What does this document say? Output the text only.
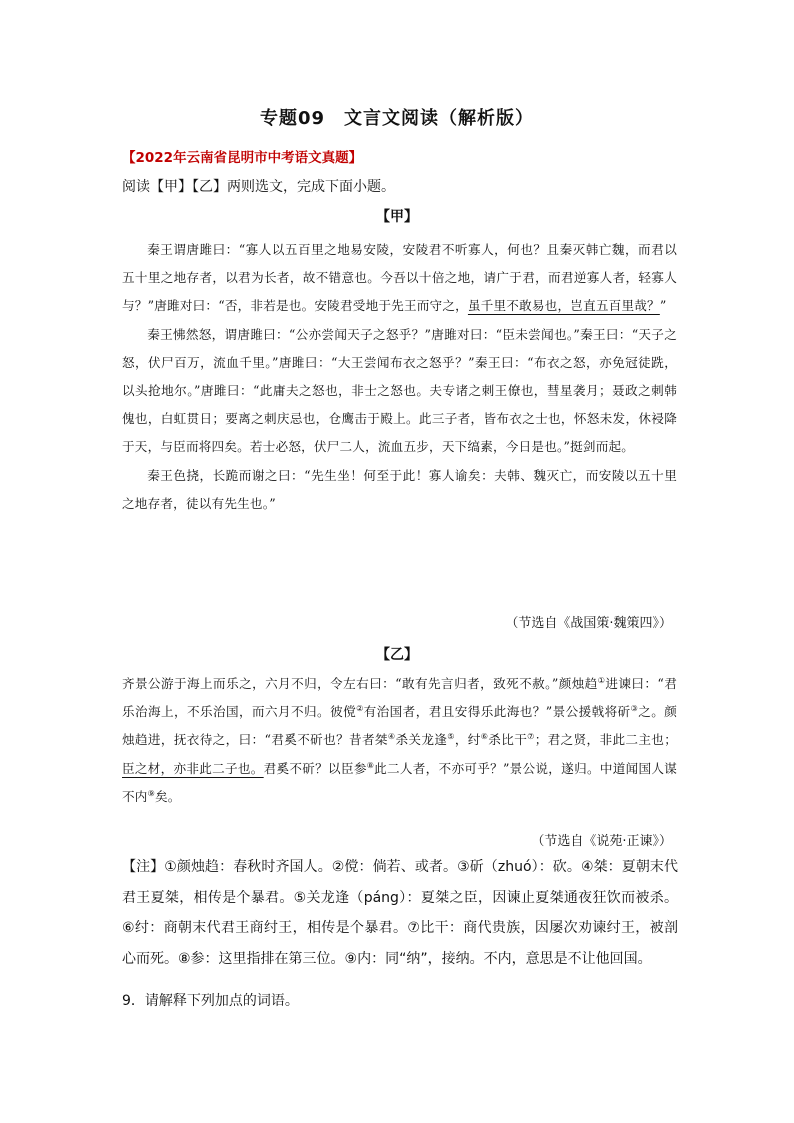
专题09　文言文阅读（解析版）
【2022年云南省昆明市中考语文真题】
阅读【甲】【乙】两则选文，完成下面小题。
【甲】

秦王谓唐雎曰：“寡人以五百里之地易安陵，安陵君不听寡人，何也？且秦灭韩亡魏，而君以五十里之地存者，以君为长者，故不错意也。今吾以十倍之地，请广于君，而君逆寡人者，轻寡人与？”唐雎对曰：“否，非若是也。安陵君受地于先王而守之，虽千里不敢易也，岂直五百里哉？”

秦王怫然怒，谓唐雎曰：“公亦尝闻天子之怒乎？”唐雎对曰：“臣未尝闻也。”秦王曰：“天子之怒，伏尸百万，流血千里。”唐雎曰：“大王尝闻布衣之怒乎？”秦王曰：“布衣之怒，亦免冠徒跣，以头抢地尔。”唐雎曰：“此庸夫之怒也，非士之怒也。夫专诸之刺王僚也，彗星袭月；聂政之刺韩傀也，白虹贯日；要离之刺庆忌也，仓鹰击于殿上。此三子者，皆布衣之士也，怀怒未发，休祲降于天，与臣而将四矣。若士必怒，伏尸二人，流血五步，天下缟素，今日是也。”挺剑而起。

秦王色挠，长跪而谢之曰：“先生坐！何至于此！寡人谕矣：夫韩、魏灭亡，而安陵以五十里之地存者，徒以有先生也。”

（节选自《战国策·魏策四》）
【乙】

齐景公游于海上而乐之，六月不归，令左右曰：“敢有先言归者，致死不赦。”颜烛趋①进谏曰：“君乐治海上，不乐治国，而六月不归。彼傥②有治国者，君且安得乐此海也？”景公援戟将斫③之。颜烛趋进，抚衣待之，曰：“君奚不斫也？昔者桀④杀关龙逢⑤，纣⑥杀比干⑦；君之贤，非此二主也；臣之材，亦非此二子也。君奚不斫？以臣参⑧此二人者，不亦可乎？”景公说，遂归。中道闻国人谋不内⑨矣。

（节选自《说苑·正谏》）
【注】①颜烛趋：春秋时齐国人。②傥：倘若、或者。③斫（zhuó）：砍。④桀：夏朝末代君王夏桀，相传是个暴君。⑤关龙逢（páng）：夏桀之臣，因谏止夏桀通夜狂饮而被杀。⑥纣：商朝末代君王商纣王，相传是个暴君。⑦比干：商代贵族，因屡次劝谏纣王，被剖心而死。⑧参：这里指排在第三位。⑨内：同“纳”，接纳。不内，意思是不让他回国。
9．请解释下列加点的词语。
